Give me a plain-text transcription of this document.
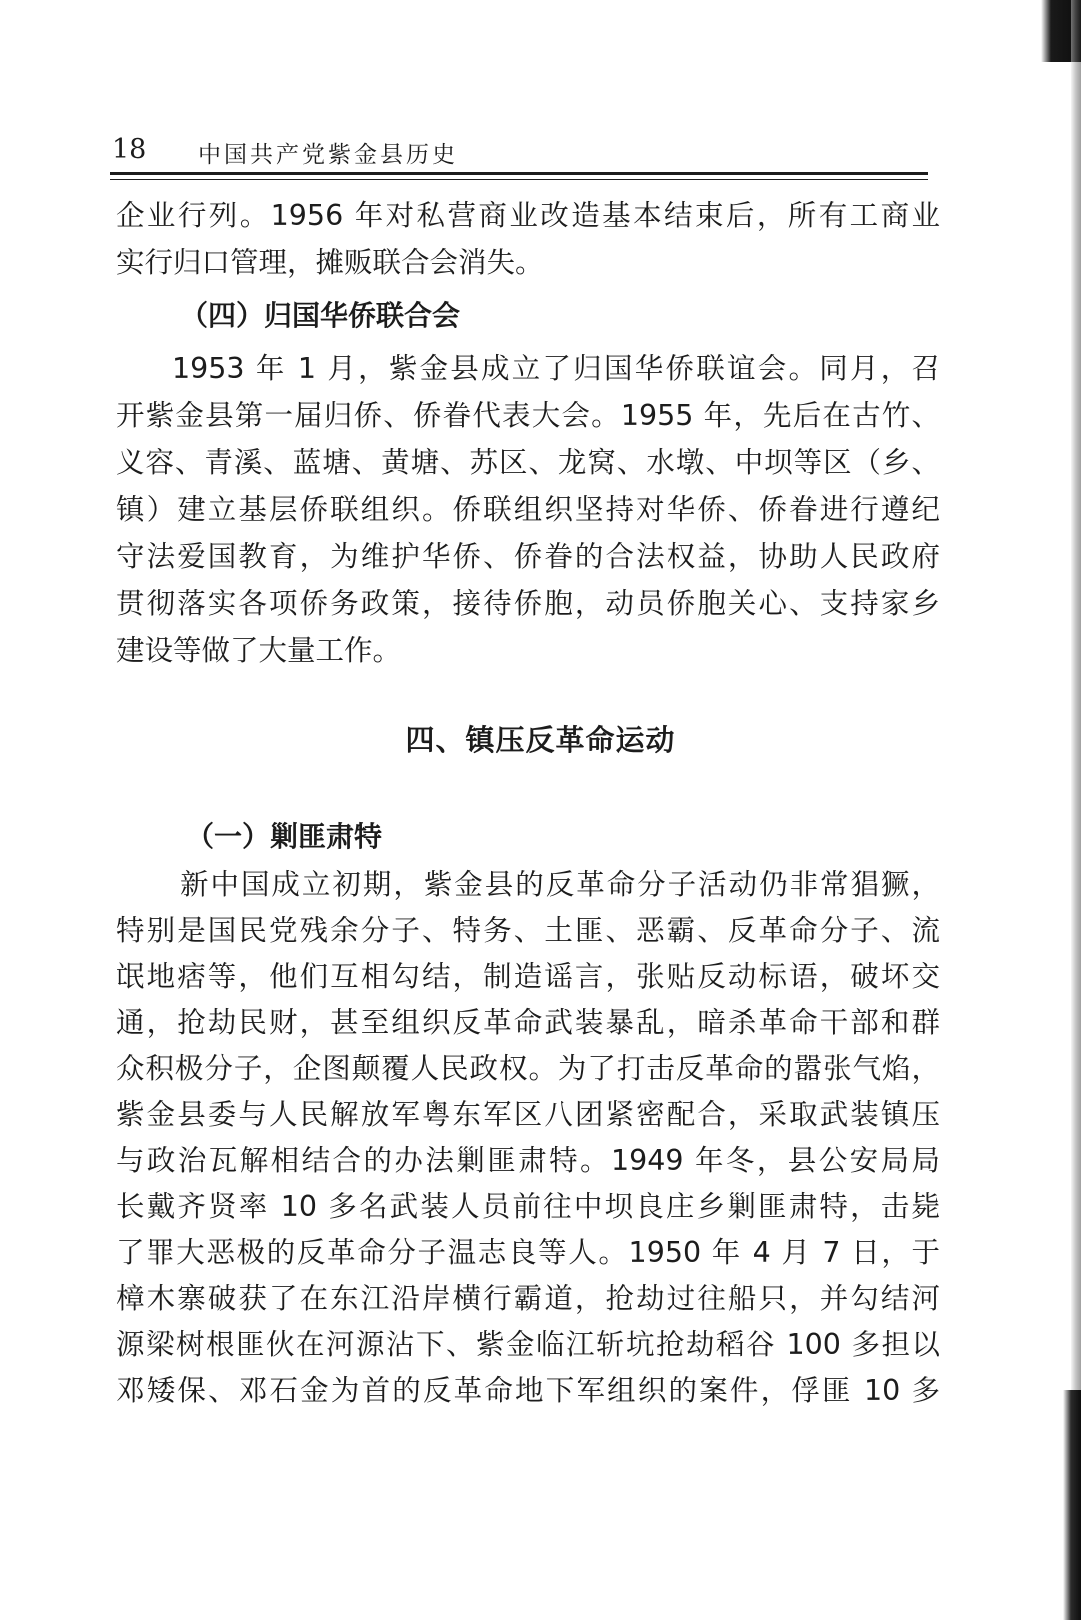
18 中国共产党紫金县历史
企业行列。1956 年对私营商业改造基本结束后，所有工商业
实行归口管理，摊贩联合会消失。
（四）归国华侨联合会
1953 年 1 月，紫金县成立了归国华侨联谊会。同月，召
开紫金县第一届归侨、侨眷代表大会。1955 年，先后在古竹、
义容、青溪、蓝塘、黄塘、苏区、龙窝、水墩、中坝等区（乡、
镇）建立基层侨联组织。侨联组织坚持对华侨、侨眷进行遵纪
守法爱国教育，为维护华侨、侨眷的合法权益，协助人民政府
贯彻落实各项侨务政策，接待侨胞，动员侨胞关心、支持家乡
建设等做了大量工作。
四、镇压反革命运动
（一）剿匪肃特
新中国成立初期，紫金县的反革命分子活动仍非常猖獗，
特别是国民党残余分子、特务、土匪、恶霸、反革命分子、流
氓地痞等，他们互相勾结，制造谣言，张贴反动标语，破坏交
通，抢劫民财，甚至组织反革命武装暴乱，暗杀革命干部和群
众积极分子，企图颠覆人民政权。为了打击反革命的嚣张气焰，
紫金县委与人民解放军粤东军区八团紧密配合，采取武装镇压
与政治瓦解相结合的办法剿匪肃特。1949 年冬，县公安局局
长戴齐贤率 10 多名武装人员前往中坝良庄乡剿匪肃特，击毙
了罪大恶极的反革命分子温志良等人。1950 年 4 月 7 日，于
樟木寨破获了在东江沿岸横行霸道，抢劫过往船只，并勾结河
源梁树根匪伙在河源沾下、紫金临江斩坑抢劫稻谷 100 多担以
邓矮保、邓石金为首的反革命地下军组织的案件，俘匪 10 多
